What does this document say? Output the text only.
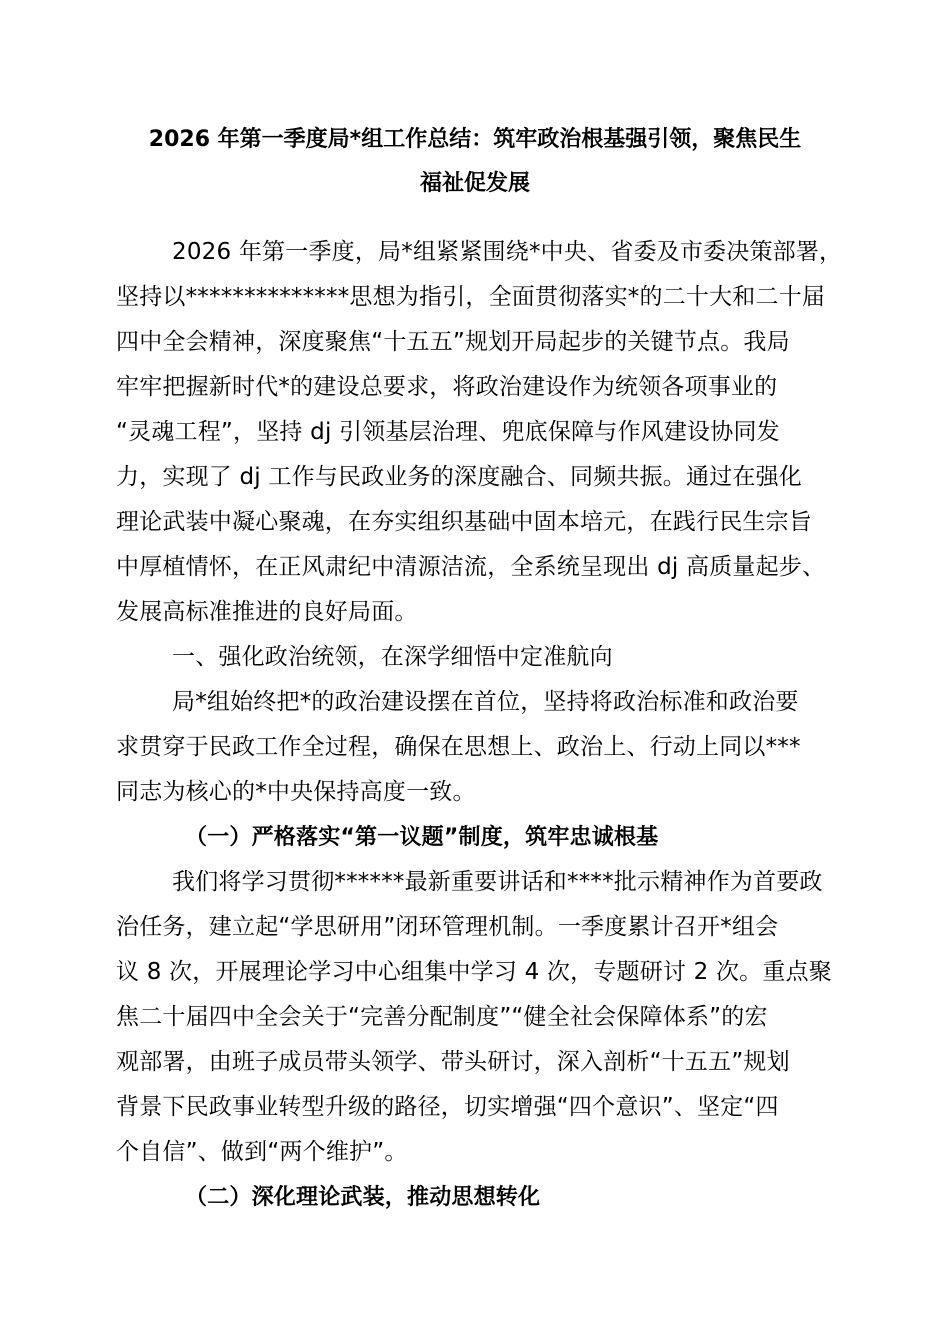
2026 年第一季度局*组工作总结：筑牢政治根基强引领，聚焦民生
福祉促发展
2026 年第一季度，局*组紧紧围绕*中央、省委及市委决策部署，
坚持以**************思想为指引，全面贯彻落实*的二十大和二十届
四中全会精神，深度聚焦“十五五”规划开局起步的关键节点。我局
牢牢把握新时代*的建设总要求，将政治建设作为统领各项事业的
“灵魂工程”，坚持 dj 引领基层治理、兜底保障与作风建设协同发
力，实现了 dj 工作与民政业务的深度融合、同频共振。通过在强化
理论武装中凝心聚魂，在夯实组织基础中固本培元，在践行民生宗旨
中厚植情怀，在正风肃纪中清源洁流，全系统呈现出 dj 高质量起步、
发展高标准推进的良好局面。
一、强化政治统领，在深学细悟中定准航向
局*组始终把*的政治建设摆在首位，坚持将政治标准和政治要
求贯穿于民政工作全过程，确保在思想上、政治上、行动上同以***
同志为核心的*中央保持高度一致。
（一）严格落实“第一议题”制度，筑牢忠诚根基
我们将学习贯彻******最新重要讲话和****批示精神作为首要政
治任务，建立起“学思研用”闭环管理机制。一季度累计召开*组会
议 8 次，开展理论学习中心组集中学习 4 次，专题研讨 2 次。重点聚
焦二十届四中全会关于“完善分配制度”“健全社会保障体系”的宏
观部署，由班子成员带头领学、带头研讨，深入剖析“十五五”规划
背景下民政事业转型升级的路径，切实增强“四个意识”、坚定“四
个自信”、做到“两个维护”。
（二）深化理论武装，推动思想转化
